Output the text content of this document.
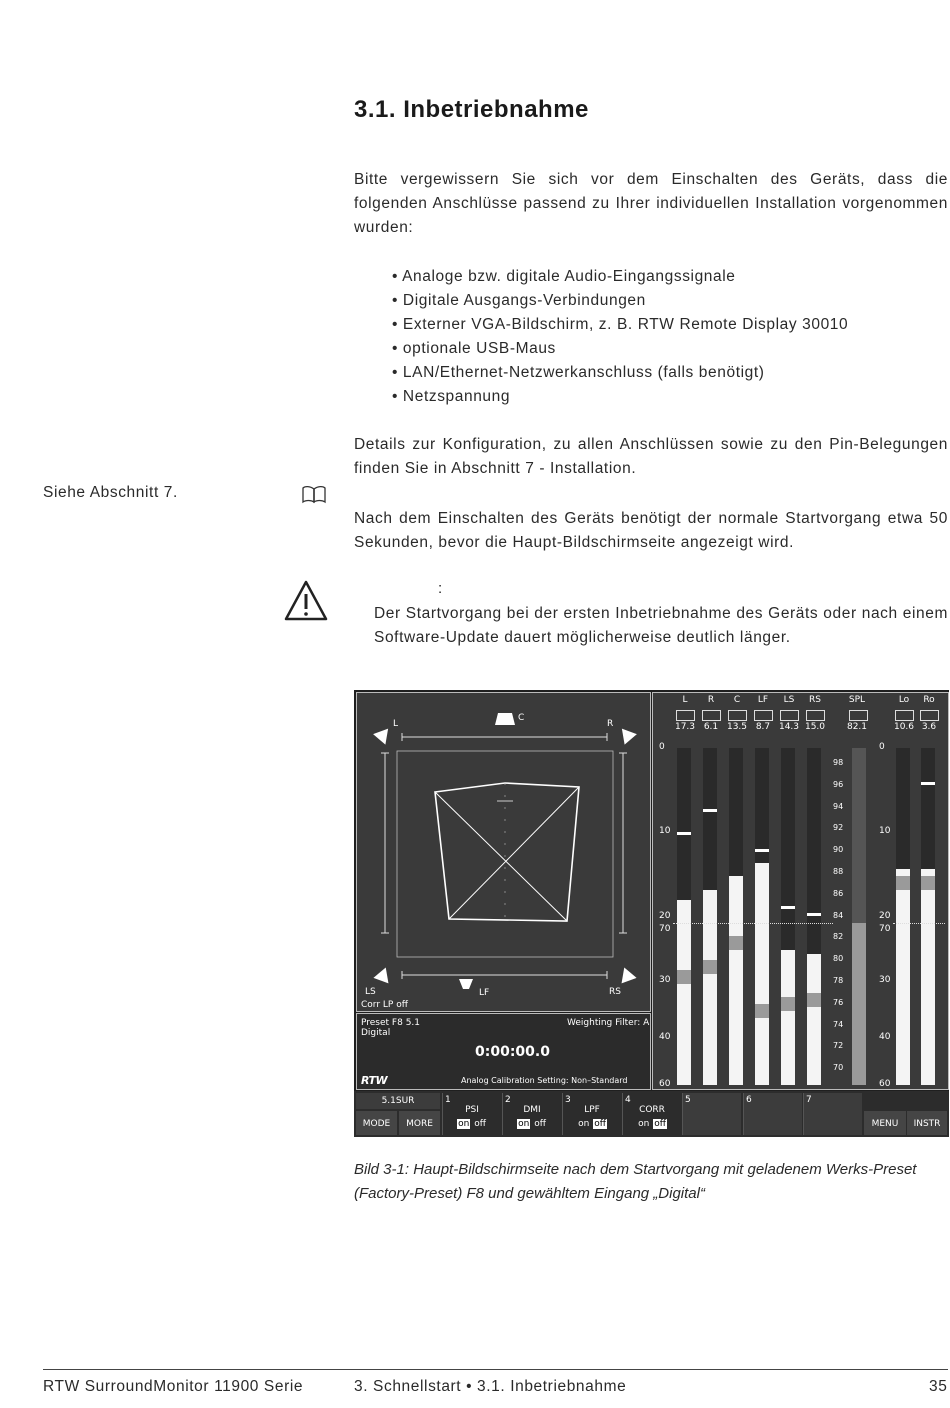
3.1. Inbetriebnahme
Bitte vergewissern Sie sich vor dem Einschalten des Geräts, dass die folgenden Anschlüsse passend zu Ihrer individuellen Installation vorgenommen wurden:
• Analoge bzw. digitale Audio-Eingangssignale
• Digitale Ausgangs-Verbindungen
• Externer VGA-Bildschirm, z. B. RTW Remote Display 30010
• optionale USB-Maus
• LAN/Ethernet-Netzwerkanschluss (falls benötigt)
• Netzspannung
Details zur Konfiguration, zu allen Anschlüssen sowie zu den Pin-Belegungen finden Sie in Abschnitt 7 - Installation.
Siehe Abschnitt 7.
Nach dem Einschalten des Geräts benötigt der normale Startvorgang etwa 50 Sekunden, bevor die Haupt-Bildschirmseite angezeigt wird.
:
Der Startvorgang bei der ersten Inbetriebnahme des Geräts oder nach einem Software-Update dauert möglicherweise deutlich länger.
C
L	R
LS	LF	RS
Corr LP off
Preset F8 5.1
Digital
Weighting Filter: A
0:00:00.0
RTW	Analog Calibration Setting: Non–Standard
L
17.3
R
6.1
C
13.5
LF
8.7
LS
14.3
RS
15.0
0
10
20
30
40
60
70
SPL
82.1
98
96
94
92
90
88
86
84
82
80
78
76
74
72
70
0
10
20
30
40
60
70
Lo
10.6
Ro
3.6
5.1SUR
MODE	MORE
1
PSI
on off
2
DMI
on off
3
LPF
on off
4
CORR
on off
5	6	7
MENU	INSTR
Bild 3-1: Haupt-Bildschirmseite nach dem Startvorgang mit geladenem Werks-Preset (Factory-Preset) F8 und gewähltem Eingang „Digital“
RTW SurroundMonitor 11900 Serie	3. Schnellstart • 3.1. Inbetriebnahme	35
